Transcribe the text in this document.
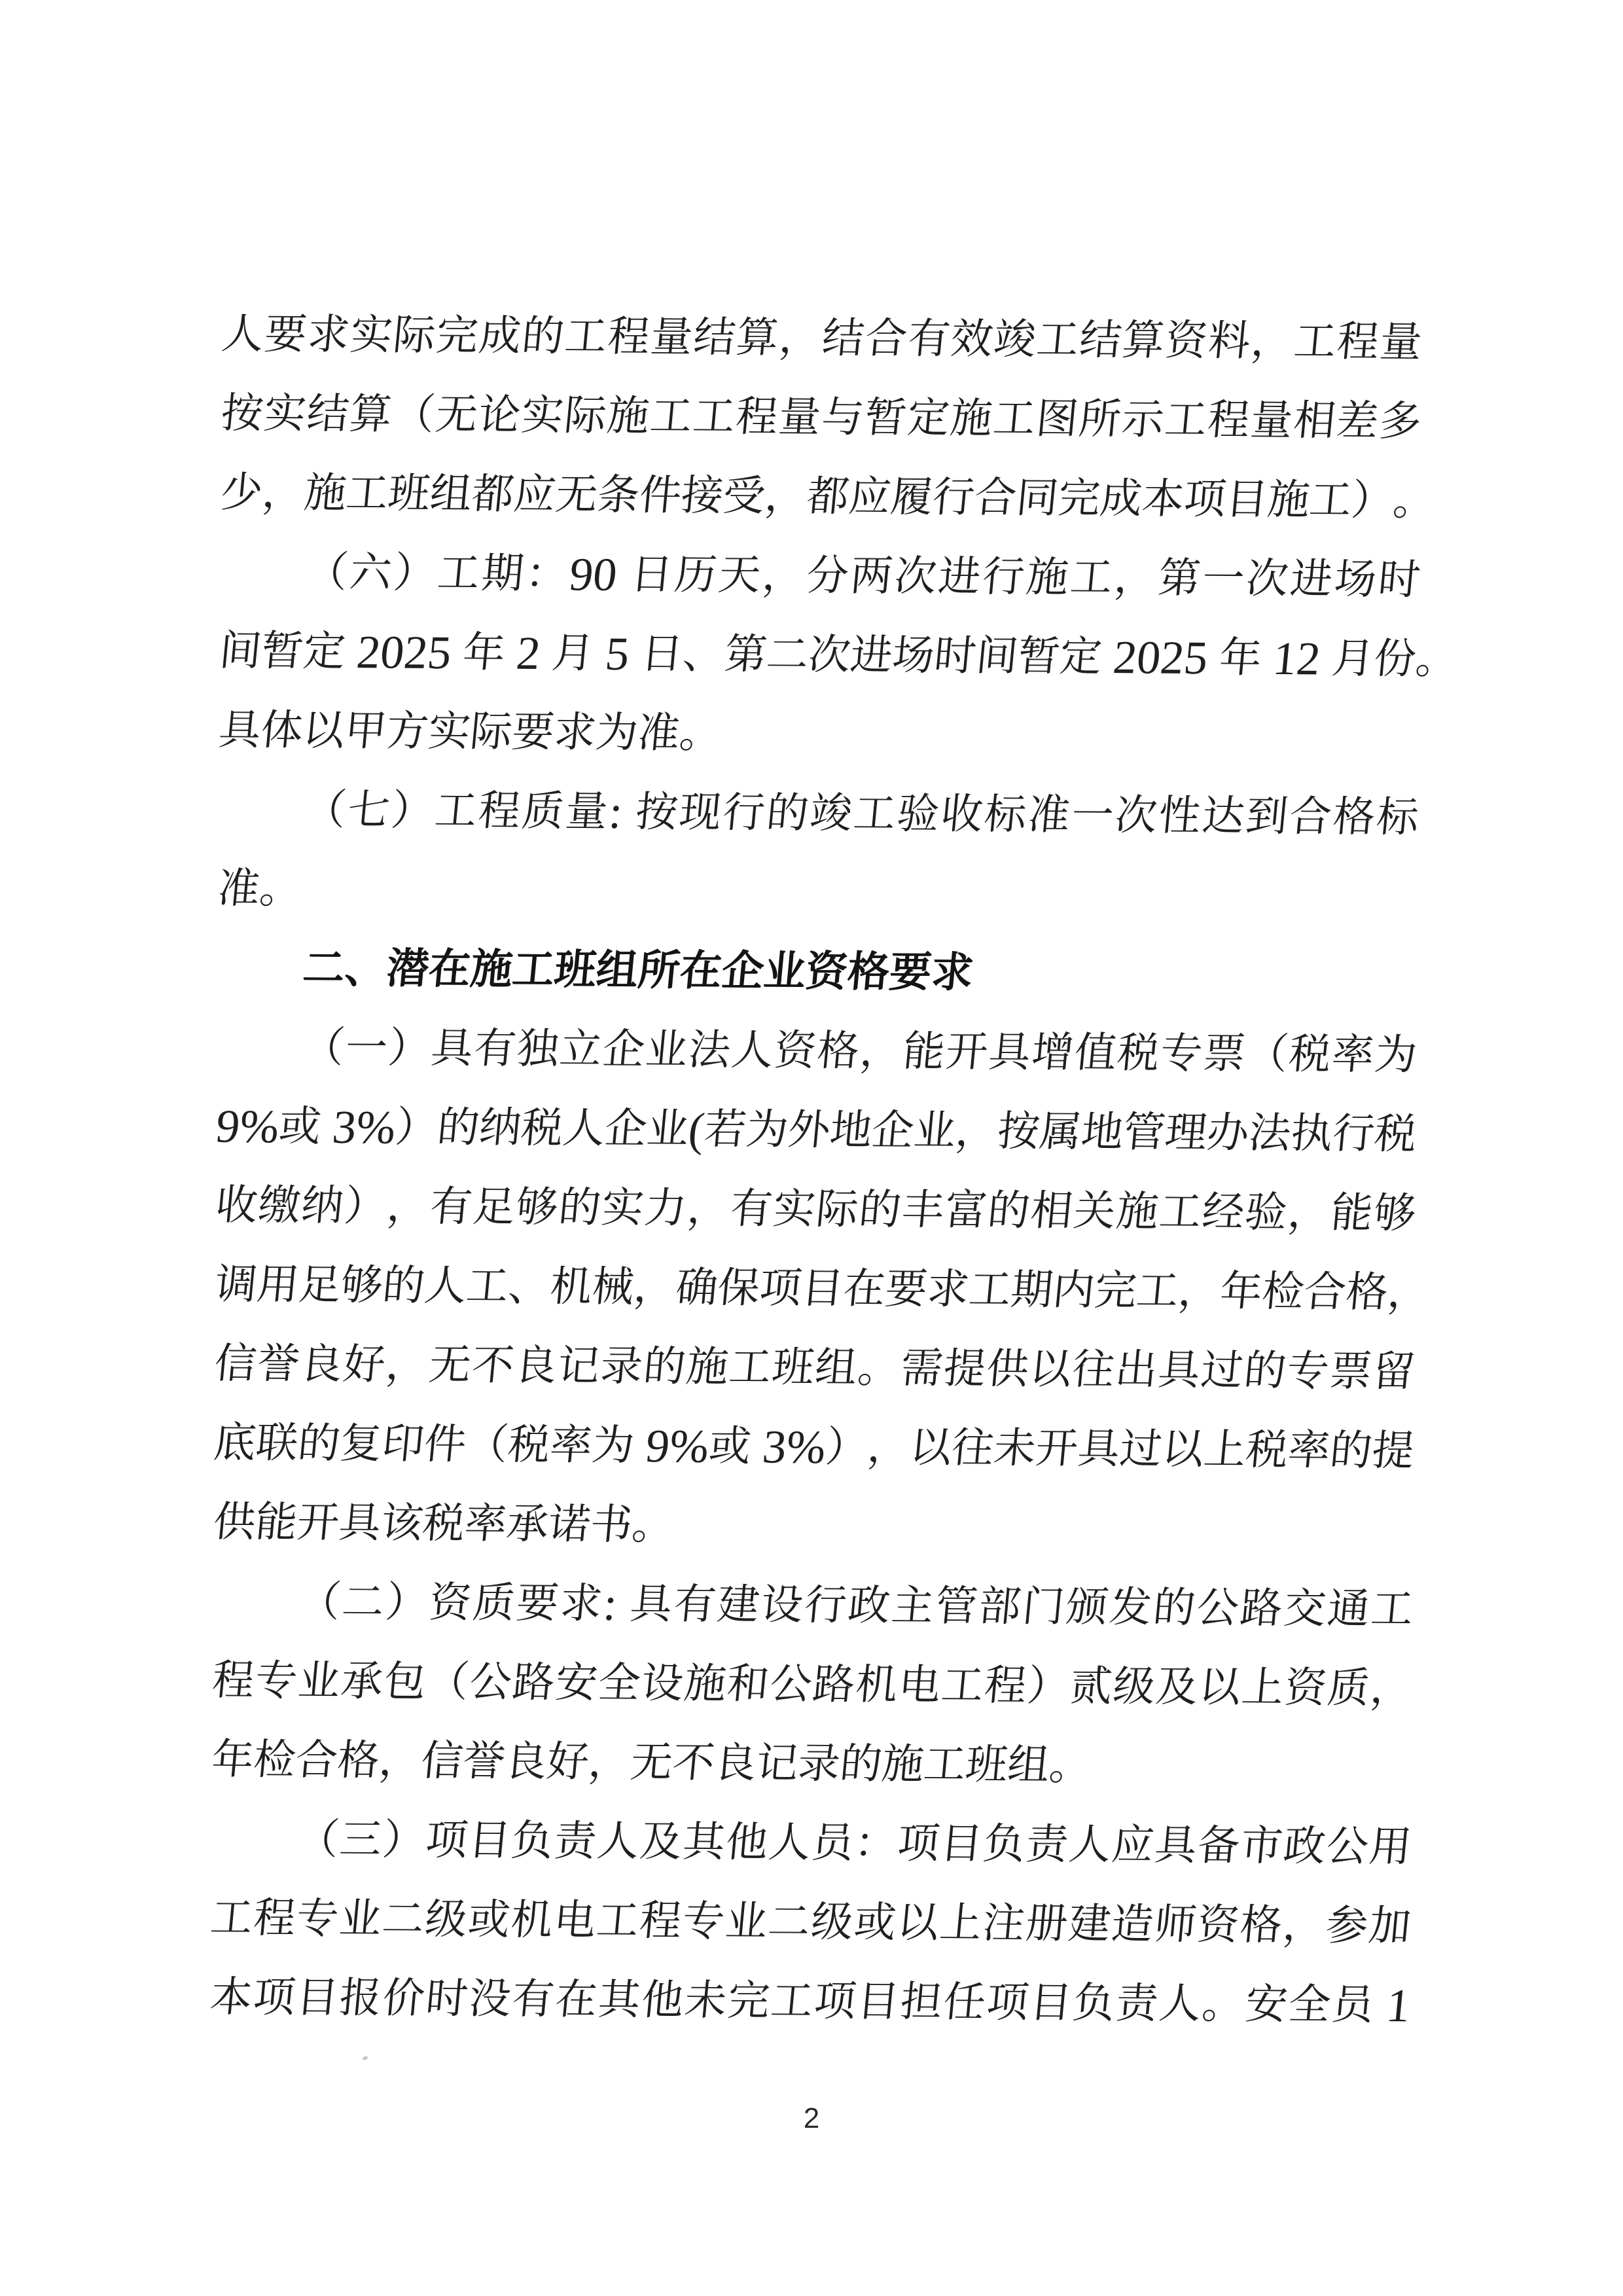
人
要
求
实
际
完
成
的
工
程
量
结
算
，
结
合
有
效
竣
工
结
算
资
料
，
工
程
量
按
实
结
算
（
无
论
实
际
施
工
工
程
量
与
暂
定
施
工
图
所
示
工
程
量
相
差
多
少
，
施
工
班
组
都
应
无
条
件
接
受
，
都
应
履
行
合
同
完
成
本
项
目
施
工
）
。
（
六
）
工
期
：
90
日
历
天
，
分
两
次
进
行
施
工
，
第
一
次
进
场
时
间
暂
定
2025
年
2
月
5
日
、
第
二
次
进
场
时
间
暂
定
2025
年
12
月
份
。
具
体
以
甲
方
实
际
要
求
为
准
。
（
七
）
工
程
质
量
:
按
现
行
的
竣
工
验
收
标
准
一
次
性
达
到
合
格
标
准
。
二
、
潜
在
施
工
班
组
所
在
企
业
资
格
要
求
（
一
）
具
有
独
立
企
业
法
人
资
格
，
能
开
具
增
值
税
专
票
（
税
率
为
9%
或
3%
）
的
纳
税
人
企
业
(
若
为
外
地
企
业
，
按
属
地
管
理
办
法
执
行
税
收
缴
纳
）
，
有
足
够
的
实
力
，
有
实
际
的
丰
富
的
相
关
施
工
经
验
，
能
够
调
用
足
够
的
人
工
、
机
械
，
确
保
项
目
在
要
求
工
期
内
完
工
，
年
检
合
格
，
信
誉
良
好
，
无
不
良
记
录
的
施
工
班
组
。
需
提
供
以
往
出
具
过
的
专
票
留
底
联
的
复
印
件
（
税
率
为
9%
或
3%
）
，
以
往
未
开
具
过
以
上
税
率
的
提
供
能
开
具
该
税
率
承
诺
书
。
（
二
）
资
质
要
求
:
具
有
建
设
行
政
主
管
部
门
颁
发
的
公
路
交
通
工
程
专
业
承
包
（
公
路
安
全
设
施
和
公
路
机
电
工
程
）
贰
级
及
以
上
资
质
，
年
检
合
格
，
信
誉
良
好
，
无
不
良
记
录
的
施
工
班
组
。
（
三
）
项
目
负
责
人
及
其
他
人
员
：
项
目
负
责
人
应
具
备
市
政
公
用
工
程
专
业
二
级
或
机
电
工
程
专
业
二
级
或
以
上
注
册
建
造
师
资
格
，
参
加
本
项
目
报
价
时
没
有
在
其
他
未
完
工
项
目
担
任
项
目
负
责
人
。
安
全
员
1
2
